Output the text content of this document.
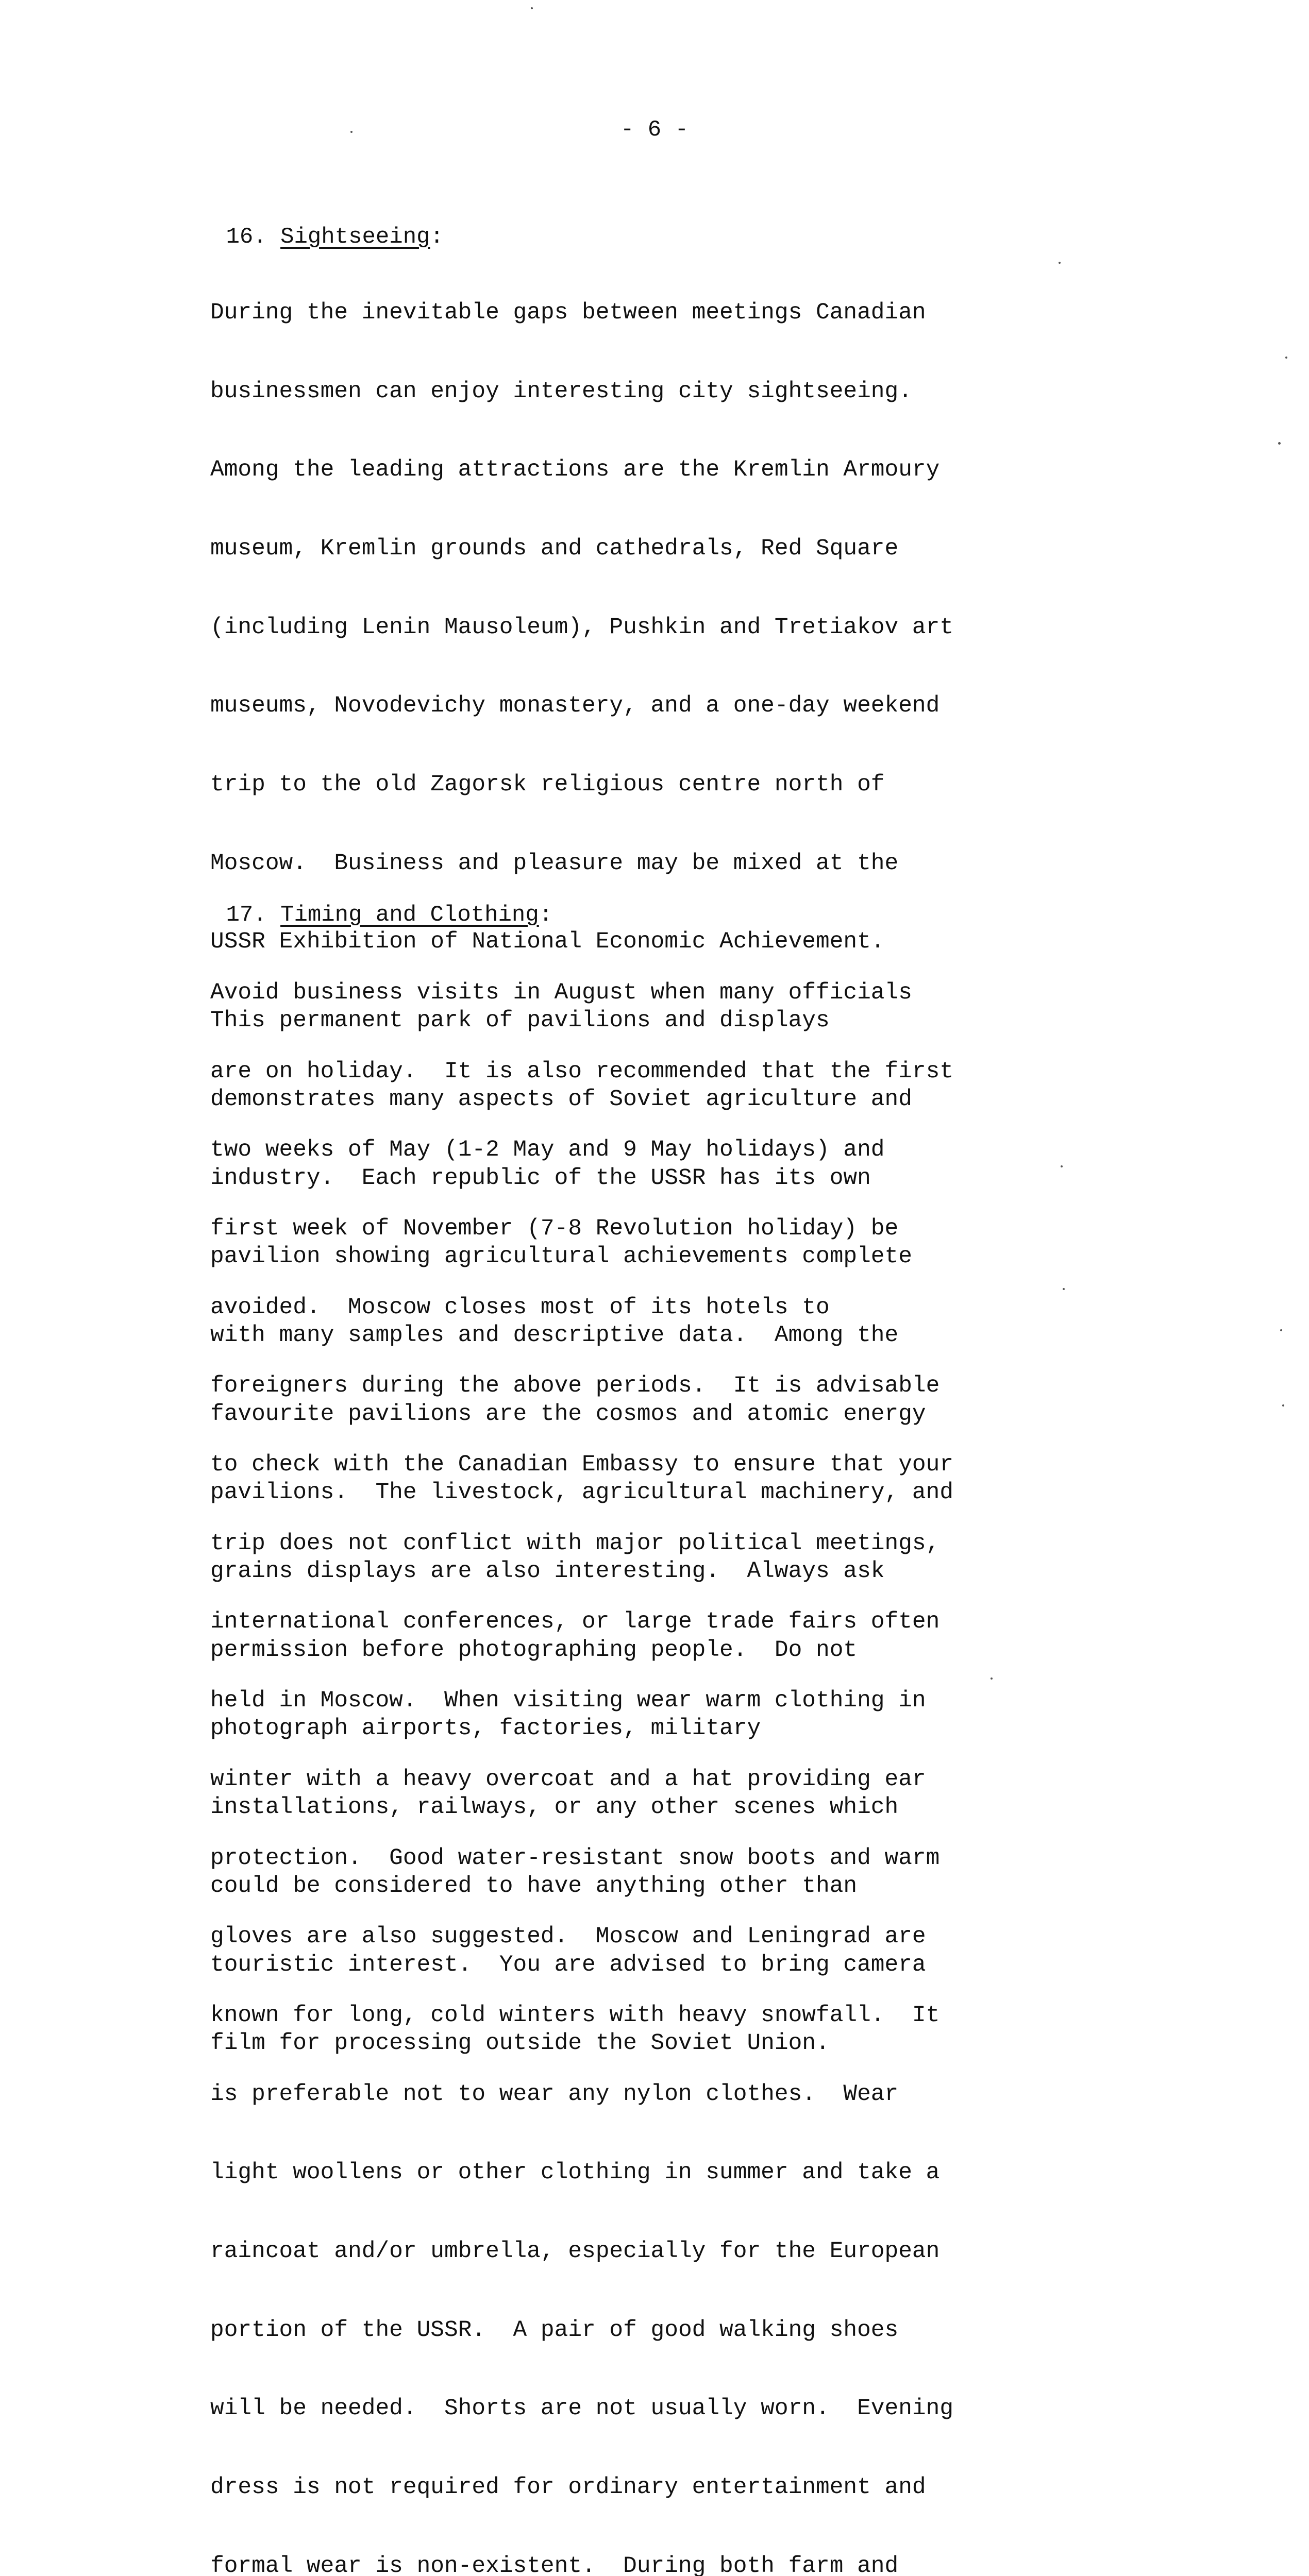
- 6 -

16. Sightseeing:

During the inevitable gaps between meetings Canadian

businessmen can enjoy interesting city sightseeing.

Among the leading attractions are the Kremlin Armoury

museum, Kremlin grounds and cathedrals, Red Square

(including Lenin Mausoleum), Pushkin and Tretiakov art

museums, Novodevichy monastery, and a one-day weekend

trip to the old Zagorsk religious centre north of

Moscow.  Business and pleasure may be mixed at the

USSR Exhibition of National Economic Achievement.

This permanent park of pavilions and displays

demonstrates many aspects of Soviet agriculture and

industry.  Each republic of the USSR has its own

pavilion showing agricultural achievements complete

with many samples and descriptive data.  Among the

favourite pavilions are the cosmos and atomic energy

pavilions.  The livestock, agricultural machinery, and

grains displays are also interesting.  Always ask

permission before photographing people.  Do not

photograph airports, factories, military

installations, railways, or any other scenes which

could be considered to have anything other than

touristic interest.  You are advised to bring camera

film for processing outside the Soviet Union.

17. Timing and Clothing:

Avoid business visits in August when many officials

are on holiday.  It is also recommended that the first

two weeks of May (1-2 May and 9 May holidays) and

first week of November (7-8 Revolution holiday) be

avoided.  Moscow closes most of its hotels to

foreigners during the above periods.  It is advisable

to check with the Canadian Embassy to ensure that your

trip does not conflict with major political meetings,

international conferences, or large trade fairs often

held in Moscow.  When visiting wear warm clothing in

winter with a heavy overcoat and a hat providing ear

protection.  Good water-resistant snow boots and warm

gloves are also suggested.  Moscow and Leningrad are

known for long, cold winters with heavy snowfall.  It

is preferable not to wear any nylon clothes.  Wear

light woollens or other clothing in summer and take a

raincoat and/or umbrella, especially for the European

portion of the USSR.  A pair of good walking shoes

will be needed.  Shorts are not usually worn.  Evening

dress is not required for ordinary entertainment and

formal wear is non-existent.  During both farm and
